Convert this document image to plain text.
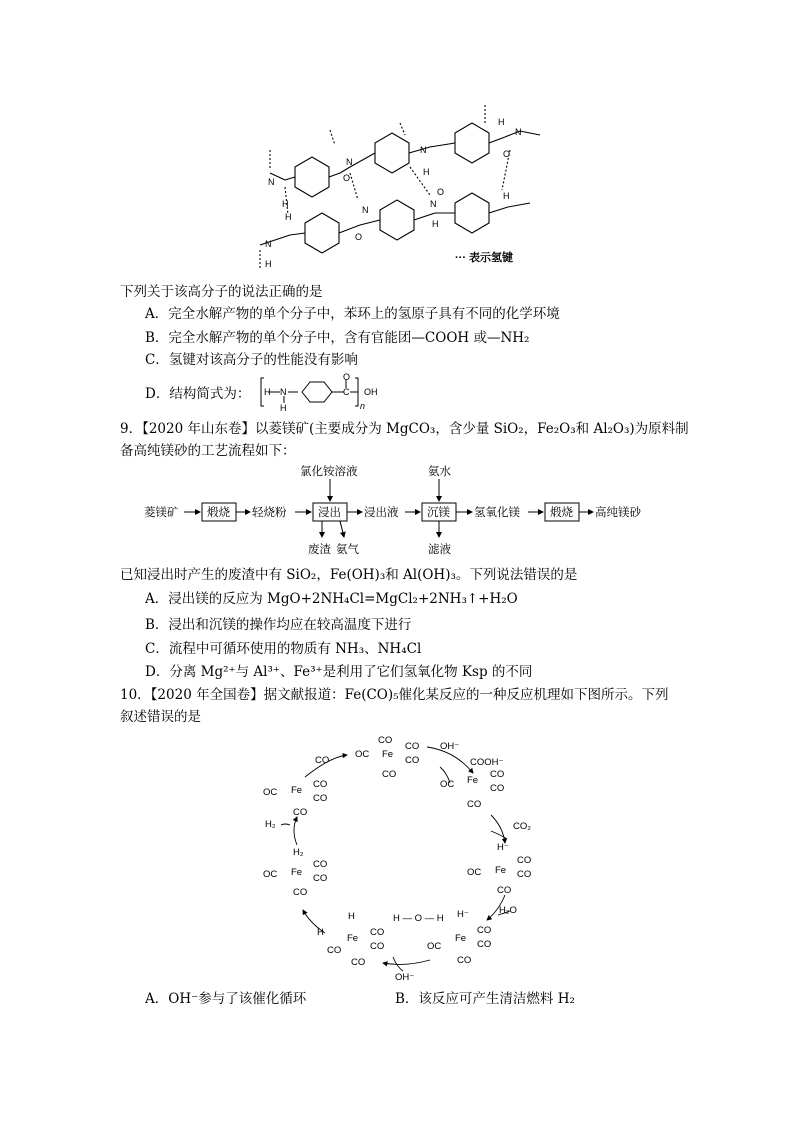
N
H
O
N
N
H
H
N
O
H
H
N
H
O
N
N
H
O
··· 表示氢键
下列关于该高分子的说法正确的是
A．完全水解产物的单个分子中，苯环上的氢原子具有不同的化学环境
B．完全水解产物的单个分子中，含有官能团—COOH 或—NH₂
C．氢键对该高分子的性能没有影响
D．结构简式为： H N
H
C
O
n
OH
9．【2020 年山东卷】以菱镁矿(主要成分为 MgCO₃，含少量 SiO₂，Fe₂O₃和 Al₂O₃)为原料制
备高纯镁砂的工艺流程如下：
菱镁矿 煅烧 轻烧粉	浸出 浸出液 沉镁 氢氧化镁	煅烧 高纯镁砂
氯化铵溶液	氨水
废渣 氨气	滤液
已知浸出时产生的废渣中有 SiO₂，Fe(OH)₃和 Al(OH)₃。下列说法错误的是
A．浸出镁的反应为 MgO+2NH₄Cl=MgCl₂+2NH₃↑+H₂O
B．浸出和沉镁的操作均应在较高温度下进行
C．流程中可循环使用的物质有 NH₃、NH₄Cl
D．分离 Mg²⁺与 Al³⁺、Fe³⁺是利用了它们氢氧化物 Ksp 的不同
10．【2020 年全国卷】据文献报道：Fe(CO)₅催化某反应的一种反应机理如下图所示。下列
叙述错误的是
OC Fe
CO
CO
CO
CO
CO
OH⁻
COOH⁻
Fe
CO
CO
OC
CO
CO₂
H⁻
Fe
CO
CO
OC
CO
H₂O
H⁻
Fe
CO
CO
OC
CO
H — O — H
H
Fe
H	CO
CO
CO
CO
OH⁻
H₂
Fe
CO
CO
OC
CO
H₂
Fe
OC
CO
CO
CO
A．OH⁻参与了该催化循环	B．该反应可产生清洁燃料 H₂
